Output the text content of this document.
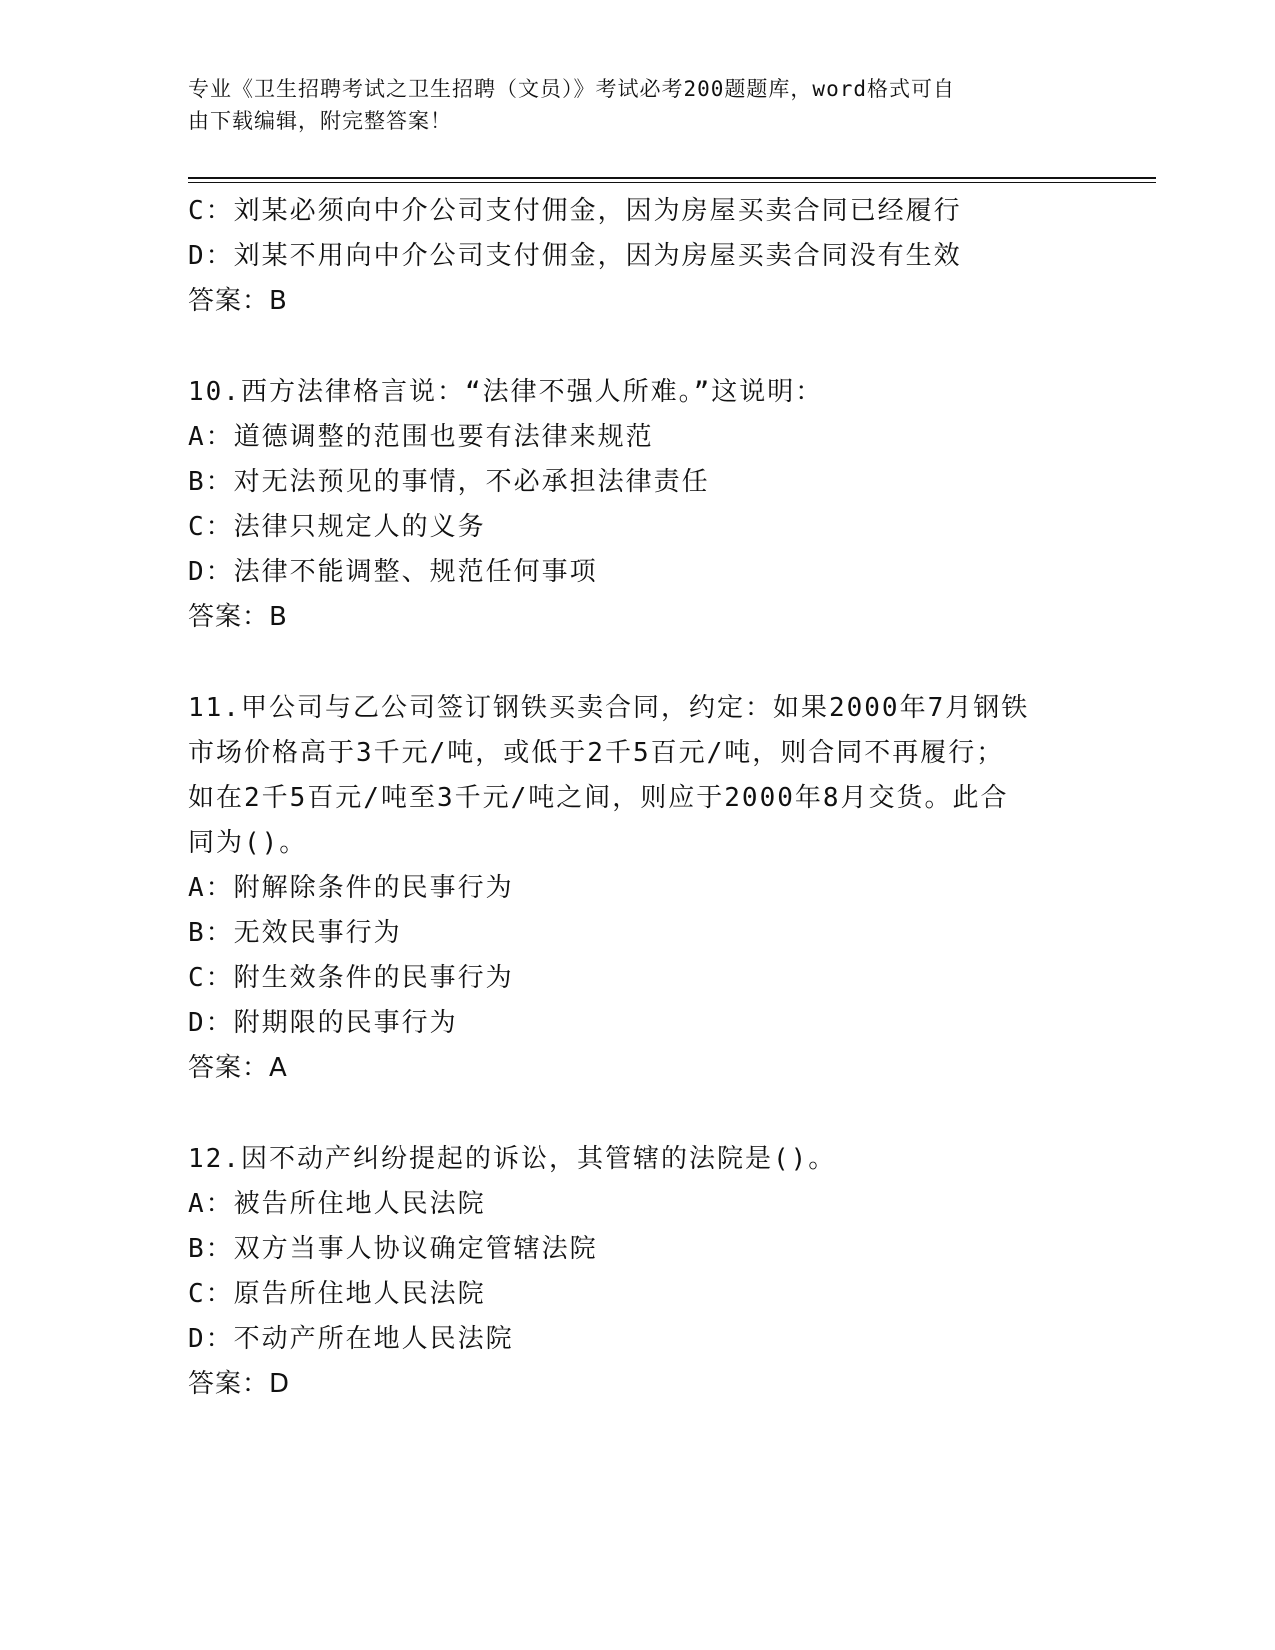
专业《卫生招聘考试之卫生招聘（文员）》考试必考200题题库，word格式可自
由下载编辑，附完整答案！
C：刘某必须向中介公司支付佣金，因为房屋买卖合同已经履行
D：刘某不用向中介公司支付佣金，因为房屋买卖合同没有生效
答案：B
10.西方法律格言说：“法律不强人所难。”这说明：
A：道德调整的范围也要有法律来规范
B：对无法预见的事情，不必承担法律责任
C：法律只规定人的义务
D：法律不能调整、规范任何事项
答案：B
11.甲公司与乙公司签订钢铁买卖合同，约定：如果2000年7月钢铁
市场价格高于3千元/吨，或低于2千5百元/吨，则合同不再履行；
如在2千5百元/吨至3千元/吨之间，则应于2000年8月交货。此合
同为()。
A：附解除条件的民事行为
B：无效民事行为
C：附生效条件的民事行为
D：附期限的民事行为
答案：A
12.因不动产纠纷提起的诉讼，其管辖的法院是()。
A：被告所住地人民法院
B：双方当事人协议确定管辖法院
C：原告所住地人民法院
D：不动产所在地人民法院
答案：D
